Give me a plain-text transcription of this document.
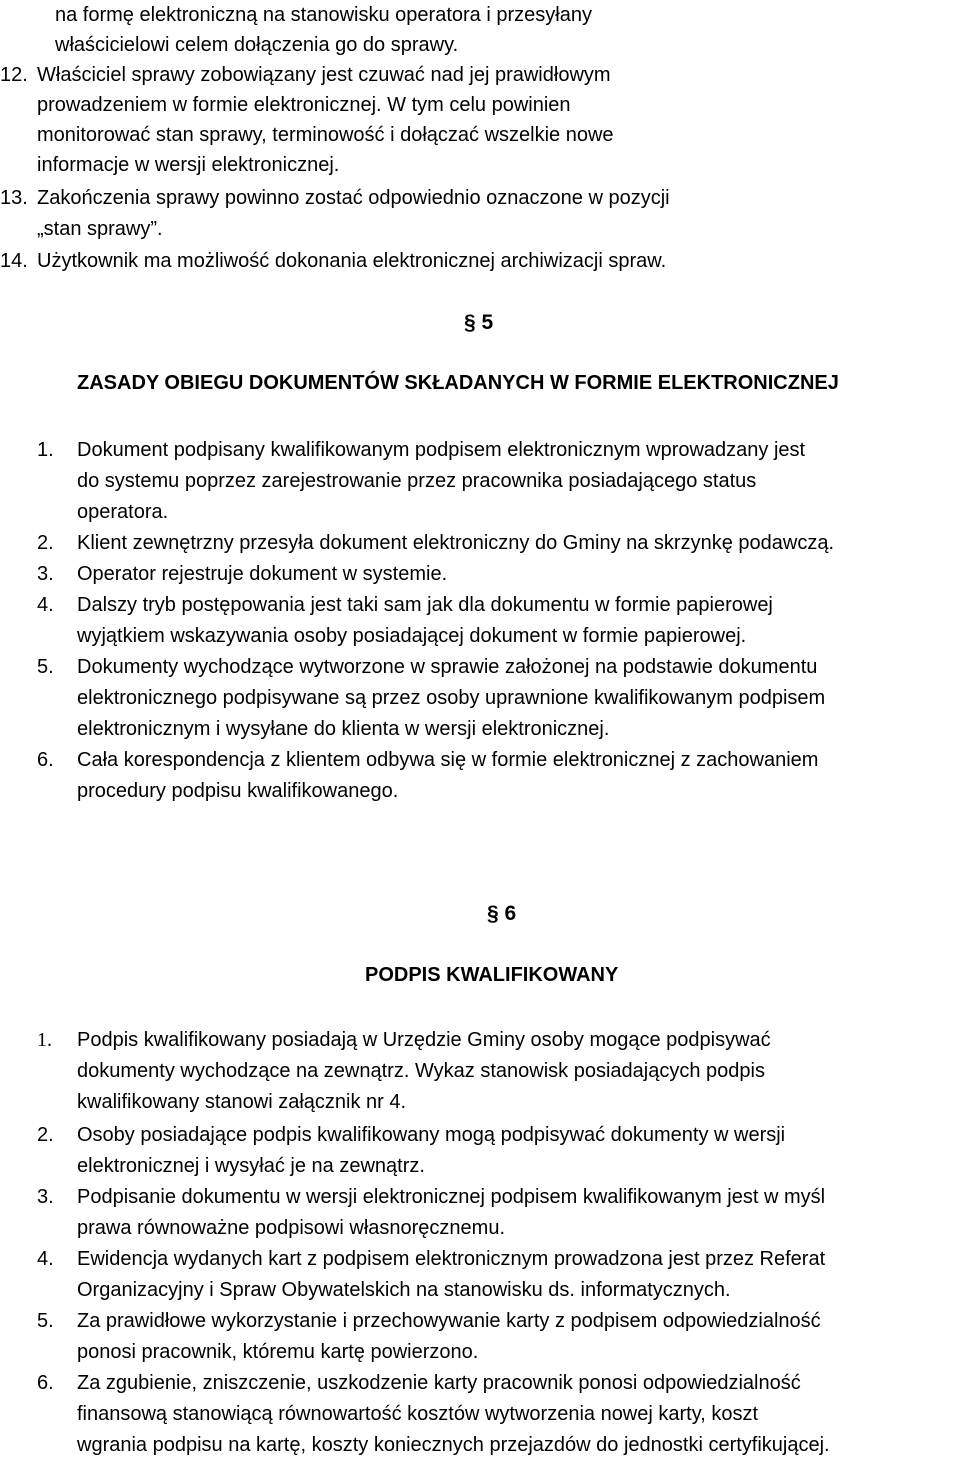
na formę elektroniczną na stanowisku operatora i przesyłany
właścicielowi celem dołączenia go do sprawy.
12. Właściciel sprawy zobowiązany jest czuwać nad jej prawidłowym
prowadzeniem w formie elektronicznej. W tym celu powinien
monitorować stan sprawy, terminowość i dołączać wszelkie nowe
informacje w wersji elektronicznej.
13. Zakończenia sprawy powinno zostać odpowiednio oznaczone w pozycji
„stan sprawy”.
14. Użytkownik ma możliwość dokonania elektronicznej archiwizacji spraw.
§ 5
ZASADY OBIEGU DOKUMENTÓW SKŁADANYCH W FORMIE ELEKTRONICZNEJ
1. Dokument podpisany kwalifikowanym podpisem elektronicznym wprowadzany jest
do systemu poprzez zarejestrowanie przez pracownika posiadającego status
operatora.
2. Klient zewnętrzny przesyła dokument elektroniczny do Gminy na skrzynkę podawczą.
3. Operator rejestruje dokument w systemie.
4. Dalszy tryb postępowania jest taki sam jak dla dokumentu w formie papierowej
wyjątkiem wskazywania osoby posiadającej dokument w formie papierowej.
5. Dokumenty wychodzące wytworzone w sprawie założonej na podstawie dokumentu
elektronicznego podpisywane są przez osoby uprawnione kwalifikowanym podpisem
elektronicznym i wysyłane do klienta w wersji elektronicznej.
6. Cała korespondencja z klientem odbywa się w formie elektronicznej z zachowaniem
procedury podpisu kwalifikowanego.
§ 6
PODPIS KWALIFIKOWANY
1. Podpis kwalifikowany posiadają w Urzędzie Gminy osoby mogące podpisywać
dokumenty wychodzące na zewnątrz. Wykaz stanowisk posiadających podpis
kwalifikowany stanowi załącznik nr 4.
2. Osoby posiadające podpis kwalifikowany mogą podpisywać dokumenty w wersji
elektronicznej i wysyłać je na zewnątrz.
3. Podpisanie dokumentu w wersji elektronicznej podpisem kwalifikowanym jest w myśl
prawa równoważne podpisowi własnoręcznemu.
4. Ewidencja wydanych kart z podpisem elektronicznym prowadzona jest przez Referat
Organizacyjny i Spraw Obywatelskich na stanowisku ds. informatycznych.
5. Za prawidłowe wykorzystanie i przechowywanie karty z podpisem odpowiedzialność
ponosi pracownik, któremu kartę powierzono.
6. Za zgubienie, zniszczenie, uszkodzenie karty pracownik ponosi odpowiedzialność
finansową stanowiącą równowartość kosztów wytworzenia nowej karty, koszt
wgrania podpisu na kartę, koszty koniecznych przejazdów do jednostki certyfikującej.
